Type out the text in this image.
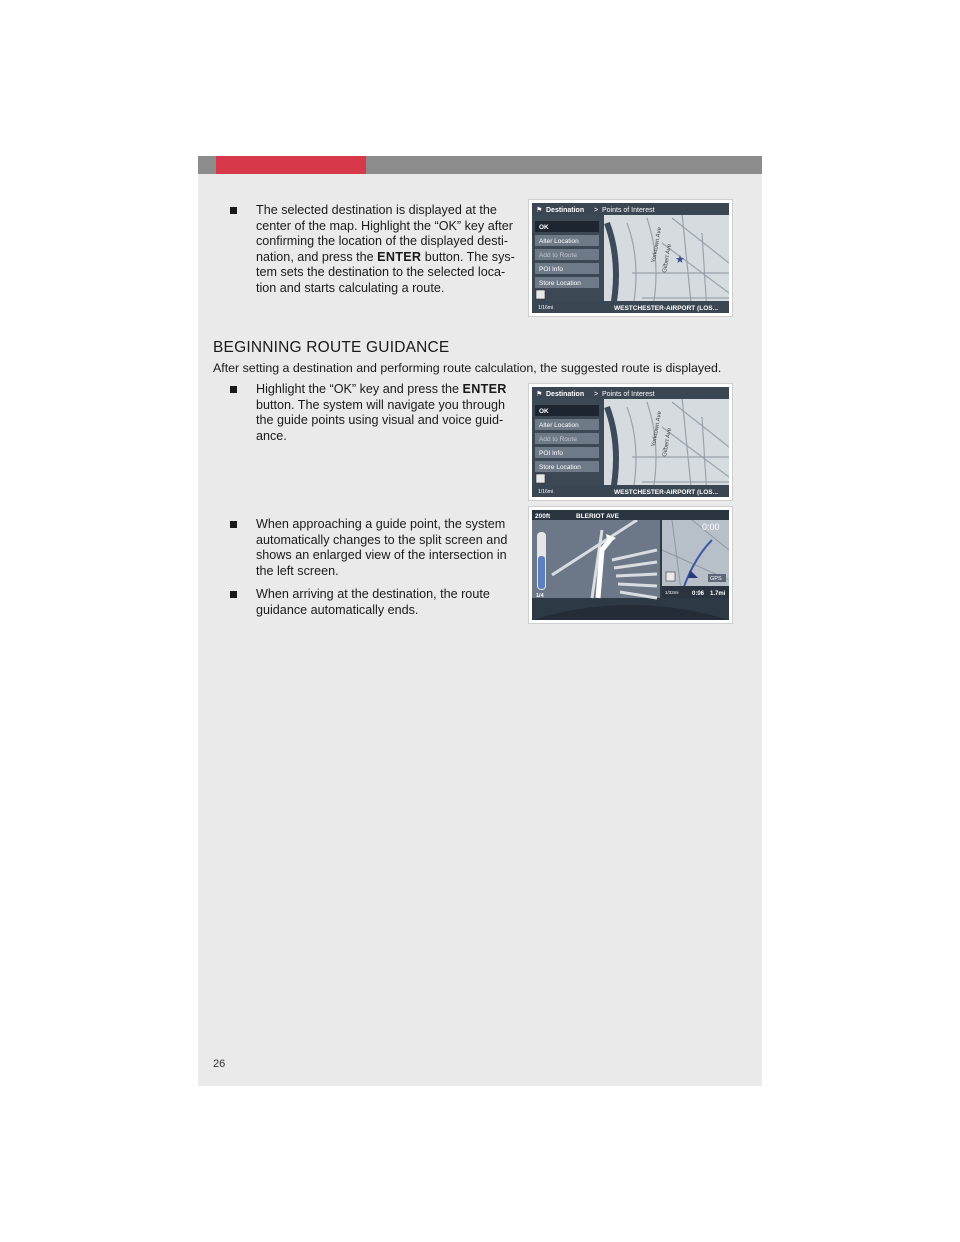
The selected destination is displayed at the
center of the map. Highlight the “OK” key after
confirming the location of the displayed desti-
nation, and press the ENTER button. The sys-
tem sets the destination to the selected loca-
tion and starts calculating a route.
Yorktown Ave
Gilbert Ave ★
⚑ Destination > Points of Interest
OK
Alter Location
Add to Route
POI Info
Store Location
1/16mi	WESTCHESTER-AIRPORT (LOS...
BEGINNING ROUTE GUIDANCE
After setting a destination and performing route calculation, the suggested route is displayed.
Highlight the “OK” key and press the ENTER
button. The system will navigate you through
the guide points using visual and voice guid-
ance.	Yorktown Ave
Gilbert Ave
⚑ Destination > Points of Interest
OK
Alter Location
Add to Route
POI Info
Store Location
1/16mi	WESTCHESTER-AIRPORT (LOS...
When approaching a guide point, the system
automatically changes to the split screen and
shows an enlarged view of the intersection in
the left screen.
When arriving at the destination, the route
guidance automatically ends.
1/4
GPS
200ft	BLERIOT AVE
0:00
1/32mi 0:06 1.7mi
26
